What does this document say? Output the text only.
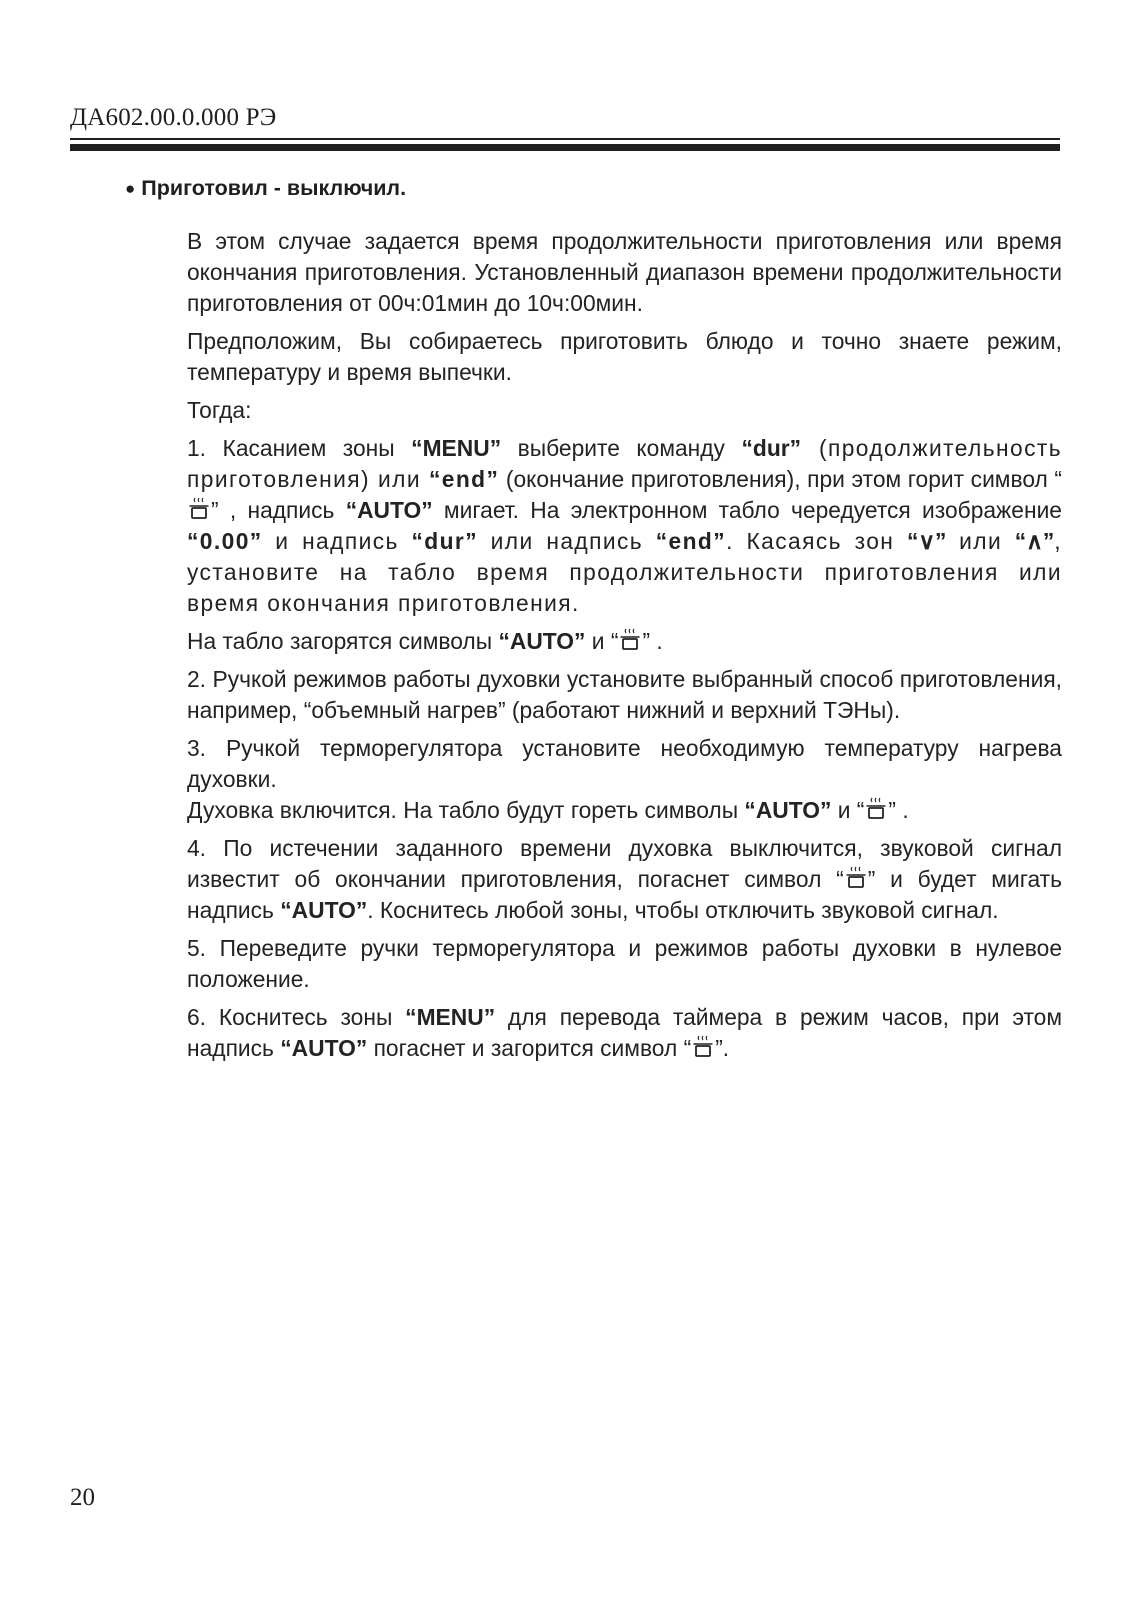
ДА602.00.0.000 РЭ
● Приготовил - выключил.

В этом случае задается время продолжительности приготовления или время окончания приготовления. Установленный диапазон времени продолжительности приготовления от 00ч:01мин до 10ч:00мин.

Предположим, Вы собираетесь приготовить блюдо и точно знаете режим, температуру и время выпечки.

Тогда:

1. Касанием зоны “MENU” выберите команду “dur” (продолжительность приготовления) или “end” (окончание приготовления), при этом горит символ “
” , надпись “AUTO” мигает. На электронном табло чередуется изображение “0.00” и надпись “dur” или надпись “end”. Касаясь зон “∨” или “∧”, установите на табло время продолжительности приготовления или время окончания приготовления.

На табло загорятся символы “AUTO” и “ ” .

2. Ручкой режимов работы духовки установите выбранный способ приготовления, например, “объемный нагрев” (работают нижний и верхний ТЭНы).

3. Ручкой терморегулятора установите необходимую температуру нагрева духовки.
Духовка включится. На табло будут гореть символы “AUTO” и “ ” .

4. По истечении заданного времени духовка выключится, звуковой сигнал известит об окончании приготовления, погаснет символ “ ” и будет мигать надпись “AUTO”. Коснитесь любой зоны, чтобы отключить звуковой сигнал.

5. Переведите ручки терморегулятора и режимов работы духовки в нулевое положение.

6. Коснитесь зоны “MENU” для перевода таймера в режим часов, при этом надпись “AUTO” погаснет и загорится символ “ ”.

20
